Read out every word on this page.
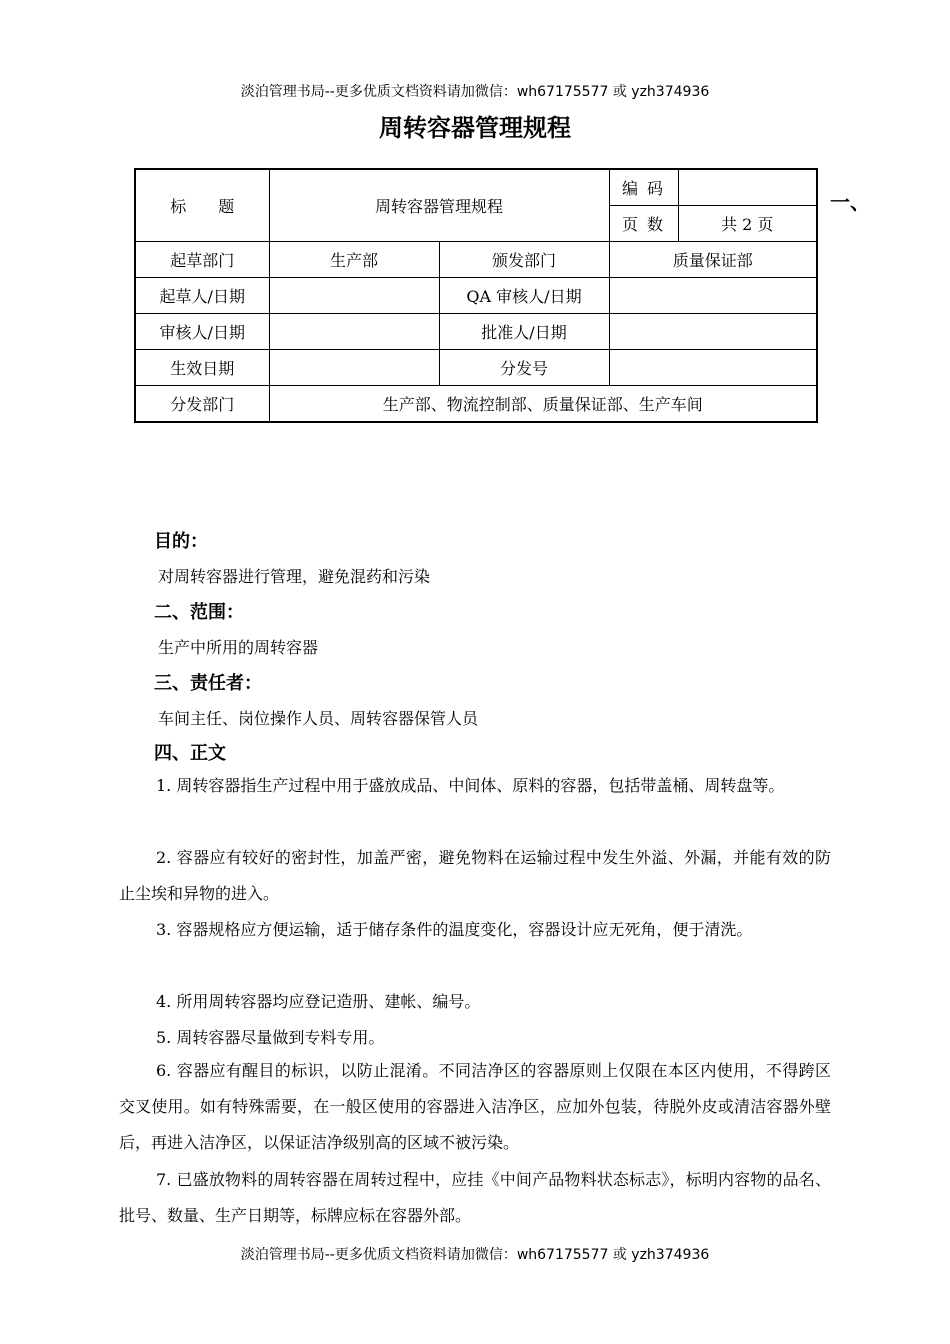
淡泊管理书局--更多优质文档资料请加微信：wh67175577 或 yzh374936
周转容器管理规程
标　　题	周转容器管理规程		编 码	
			页 数	共 2 页
起草部门	生产部	颁发部门	质量保证部	
起草人/日期		QA 审核人/日期		
审核人/日期		批准人/日期		
生效日期		分发号		
分发部门	生产部、物流控制部、质量保证部、生产车间			
一、
目的：
对周转容器进行管理，避免混药和污染
二、范围：
生产中所用的周转容器
三、责任者：
车间主任、岗位操作人员、周转容器保管人员
四、正文
1. 周转容器指生产过程中用于盛放成品、中间体、原料的容器，包括带盖桶、周转盘等。
2. 容器应有较好的密封性，加盖严密，避免物料在运输过程中发生外溢、外漏，并能有效的防止尘埃和异物的进入。
3. 容器规格应方便运输，适于储存条件的温度变化，容器设计应无死角，便于清洗。
4. 所用周转容器均应登记造册、建帐、编号。
5. 周转容器尽量做到专料专用。
6. 容器应有醒目的标识，以防止混淆。不同洁净区的容器原则上仅限在本区内使用，不得跨区交叉使用。如有特殊需要，在一般区使用的容器进入洁净区，应加外包装，待脱外皮或清洁容器外壁后，再进入洁净区，以保证洁净级别高的区域不被污染。
7. 已盛放物料的周转容器在周转过程中，应挂《中间产品物料状态标志》，标明内容物的品名、批号、数量、生产日期等，标牌应标在容器外部。
淡泊管理书局--更多优质文档资料请加微信：wh67175577 或 yzh374936
